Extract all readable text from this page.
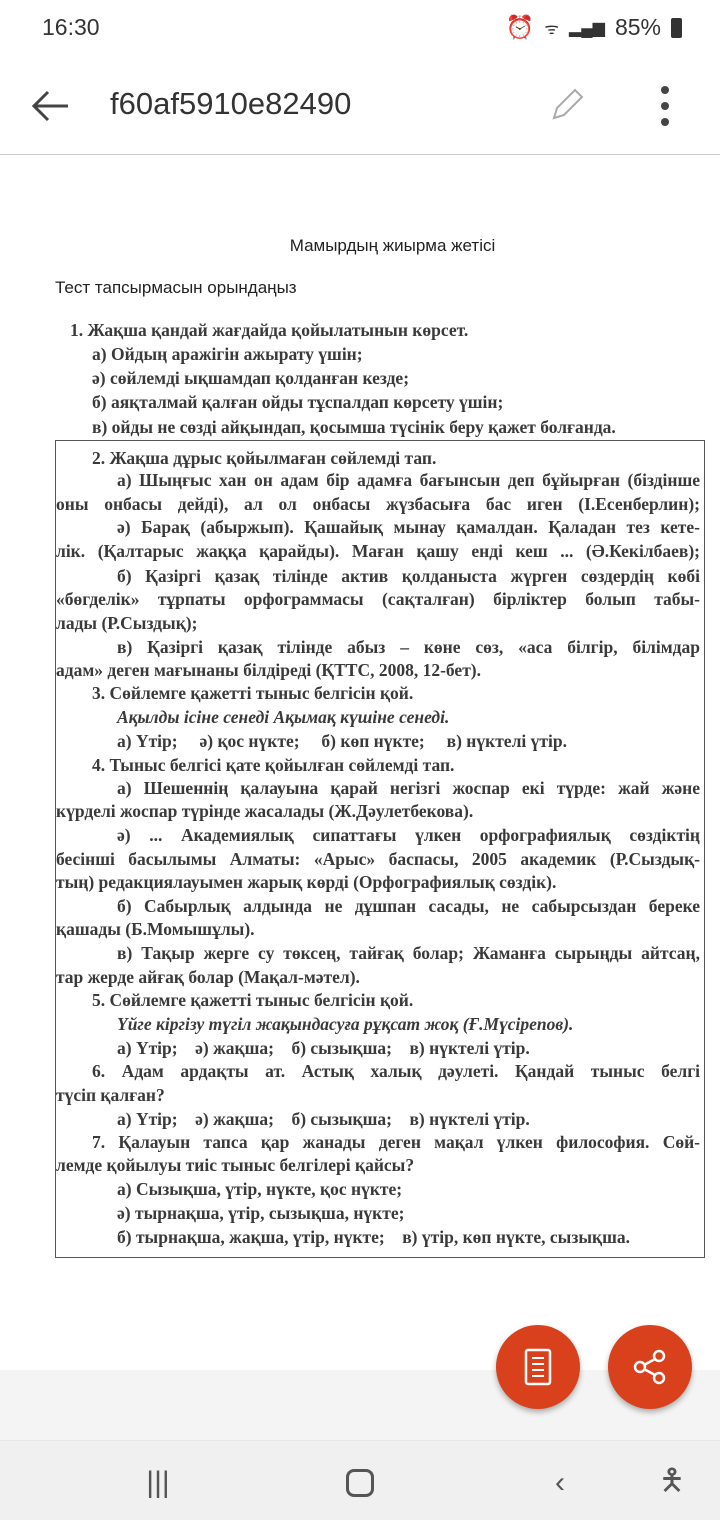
16:30	⏰ ᯤ ▂▄▆ 85%
f60af5910e82490
Мамырдың жиырма жетісі
Тест тапсырмасын орындаңыз
1. Жақша қандай жағдайда қойылатынын көрсет.
а) Ойдың аражігін ажырату үшін;
ә) сөйлемді ықшамдап қолданған кезде;
б) аяқталмай қалған ойды тұспалдап көрсету үшін;
в) ойды не сөзді айқындап, қосымша түсінік беру қажет болғанда.
2. Жақша дұрыс қойылмаған сөйлемді тап.
а) Шыңғыс хан он адам бір адамға бағынсын деп бұйырған (біздінше
оны онбасы дейді), ал ол онбасы жүзбасыға бас иген (І.Есенберлин);
ә) Барақ (абыржып). Қашайық мынау қамалдан. Қаладан тез кете-
лік. (Қалтарыс жаққа қарайды). Маған қашу енді кеш ... (Ә.Кекілбаев);
б) Қазіргі қазақ тілінде актив қолданыста жүрген сөздердің көбі
«бөгделік» тұрпаты орфограммасы (сақталған) бірліктер болып табы-
лады (Р.Сыздық);
в) Қазіргі қазақ тілінде абыз – көне сөз, «аса білгір, білімдар
адам» деген мағынаны білдіреді (ҚТТС, 2008, 12-бет).
3. Сөйлемге қажетті тыныс белгісін қой.
Ақылды ісіне сенеді Ақымақ күшіне сенеді.
а) Үтір;     ә) қос нүкте;     б) көп нүкте;     в) нүктелі үтір.
4. Тыныс белгісі қате қойылған сөйлемді тап.
а) Шешеннің қалауына қарай негізгі жоспар екі түрде: жай және
күрделі жоспар түрінде жасалады (Ж.Дәулетбекова).
ә) ... Академиялық сипаттағы үлкен орфографиялық сөздіктің
бесінші басылымы Алматы: «Арыс» баспасы, 2005 академик (Р.Сыздық-
тың) редакциялауымен жарық көрді (Орфографиялық сөздік).
б) Сабырлық алдында не дұшпан сасады, не сабырсыздан береке
қашады (Б.Момышұлы).
в) Тақыр жерге су төксең, тайғақ болар; Жаманға сырыңды айтсаң,
тар жерде айғақ болар (Мақал-мәтел).
5. Сөйлемге қажетті тыныс белгісін қой.
Үйге кіргізу түгіл жақындасуға рұқсат жоқ (Ғ.Мүсірепов).
а) Үтір;    ә) жақша;    б) сызықша;    в) нүктелі үтір.
6. Адам ардақты ат. Астық халық дәулеті. Қандай тыныс белгі
түсіп қалған?
а) Үтір;    ә) жақша;    б) сызықша;    в) нүктелі үтір.
7. Қалауын тапса қар жанады деген мақал үлкен философия. Сөй-
лемде қойылуы тиіс тыныс белгілері қайсы?
а) Сызықша, үтір, нүкте, қос нүкте;
ә) тырнақша, үтір, сызықша, нүкте;
б) тырнақша, жақша, үтір, нүкте;    в) үтір, көп нүкте, сызықша.
|||	‹	🯅
